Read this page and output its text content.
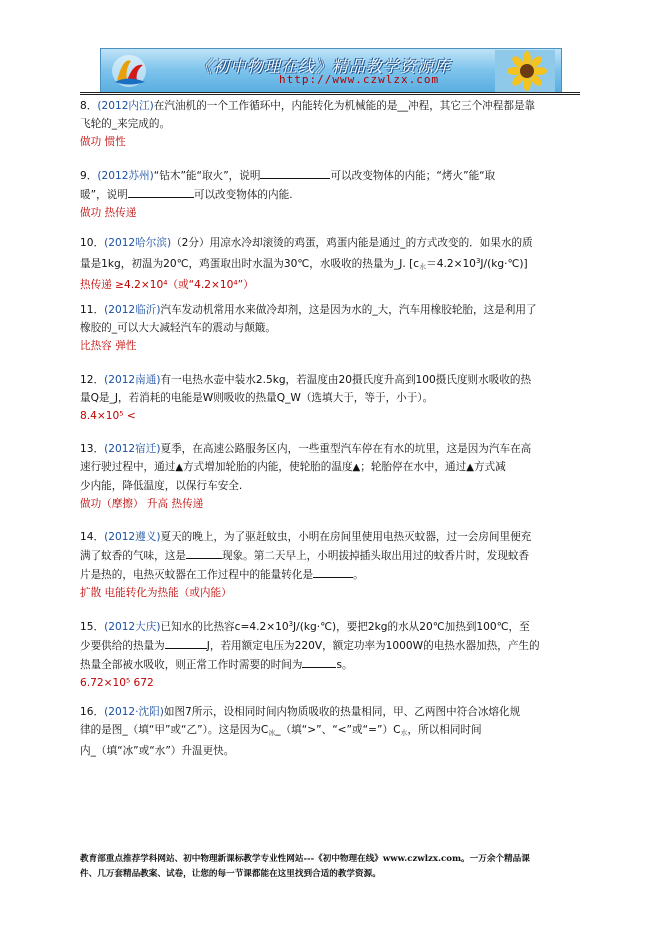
《初中物理在线》精品教学资源库
http://www.czwlzx.com

8．(2012内江)在汽油机的一个工作循环中，内能转化为机械能的是__冲程，其它三个冲程都是靠

飞轮的_来完成的。

做功 惯性

9．(2012苏州)“钻木”能“取火”，说明	可以改变物体的内能；“烤火”能“取

暖”，说明	可以改变物体的内能.

做功 热传递

10．(2012哈尔滨)（2分）用凉水冷却滚烫的鸡蛋，鸡蛋内能是通过_的方式改变的．如果水的质

量是1kg，初温为20℃，鸡蛋取出时水温为30℃，水吸收的热量为_J. $[c_水=4.2\times 10^3J/(kg\cdot℃)]$

热传递 ≥4.2×10⁴（或“4.2×10⁴”）

11．(2012临沂)汽车发动机常用水来做冷却剂，这是因为水的_大，汽车用橡胶轮胎，这是利用了

橡胶的_可以大大减轻汽车的震动与颠簸。

比热容 弹性

12．(2012南通)有一电热水壶中装水2.5kg，若温度由20摄氏度升高到100摄氏度则水吸收的热

量Q是_J，若消耗的电能是W则吸收的热量Q_W（选填大于，等于，小于）。

8.4×10⁵ <

13．(2012宿迁)夏季，在高速公路服务区内，一些重型汽车停在有水的坑里，这是因为汽车在高

速行驶过程中，通过▲方式增加轮胎的内能，使轮胎的温度▲；轮胎停在水中，通过▲方式减

少内能，降低温度，以保行车安全.

做功（摩擦） 升高 热传递

14．(2012遵义)夏天的晚上，为了驱赶蚊虫，小明在房间里使用电热灭蚊器，过一会房间里便充

满了蚊香的气味，这是	现象。第二天早上，小明拔掉插头取出用过的蚊香片时，发现蚊香

片是热的，电热灭蚊器在工作过程中的能量转化是	。

扩散 电能转化为热能（或内能）

15．(2012大庆)已知水的比热容$c=4.2\times 10^3J/(kg\cdot℃)$，要把2kg的水从20℃加热到100℃，至

少要供给的热量为	J，若用额定电压为220V，额定功率为1000W的电热水器加热，产生的

热量全部被水吸收，则正常工作时需要的时间为	s。

6.72×10⁵ 672

16．(2012·沈阳)如图7所示，设相同时间内物质吸收的热量相同，甲、乙两图中符合冰熔化规

律的是图_（填“甲”或“乙”）。这是因为$C_冰\_$（填“>”、“<”或“$=”)C_水$，所以相同时间

内_（填“冰”或“水”）升温更快。

教育部重点推荐学科网站、初中物理新课标教学专业性网站---《初中物理在线》www.czwlzx.com。一万余个精品课

件、几万套精品教案、试卷，让您的每一节课都能在这里找到合适的教学资源。
